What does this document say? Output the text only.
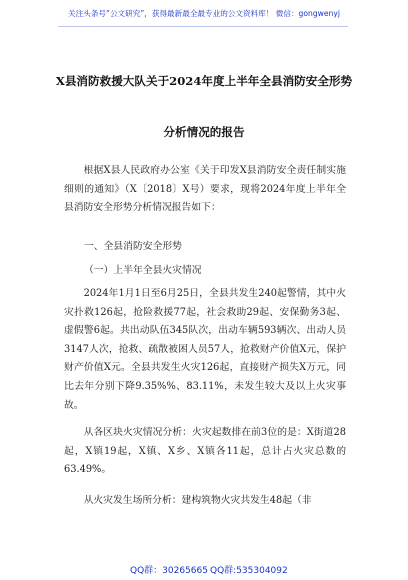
关注头条号“公文研究”，获得最新最全最专业的公文资料库！ 微信：gongwenyj
X县消防救援大队关于2024年度上半年全县消防安全形势
分析情况的报告
根据X县人民政府办公室《关于印发X县消防安全责任制实施细则的通知》（X〔2018〕X号）要求，现将2024年度上半年全县消防安全形势分析情况报告如下：
一、全县消防安全形势
（一）上半年全县火灾情况
2024年1月1日至6月25日，全县共发生240起警情，其中火灾扑救126起，抢险救援77起，社会救助29起、安保勤务3起、虚假警6起。共出动队伍345队次，出动车辆593辆次、出动人员3147人次，抢救、疏散被困人员57人，抢救财产价值X元，保护财产价值X元。全县共发生火灾126起，直接财产损失X万元，同比去年分别下降9.35%%、83.11%，未发生较大及以上火灾事故。
从各区块火灾情况分析：火灾起数排在前3位的是：X街道28起，X镇19起，X镇、X乡、X镇各11起，总计占火灾总数的63.49%。
从火灾发生场所分析：建构筑物火灾共发生48起（非
QQ群：30265665 QQ群:535304092
